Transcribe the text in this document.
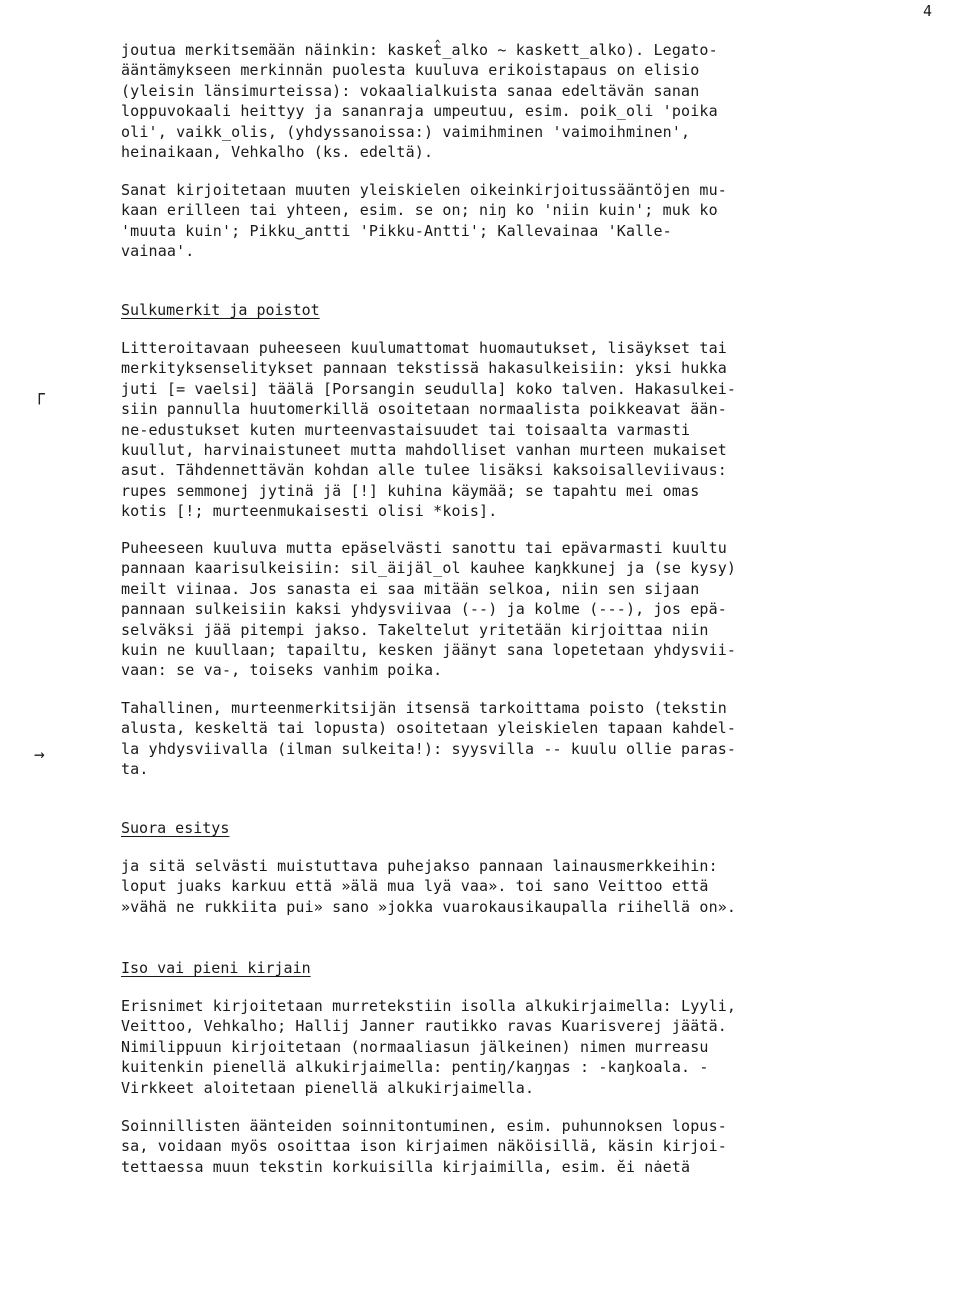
4
┌
→

joutua merkitsemään näinkin: kasket̂_alko ~ kaskett_alko). Legato-

ääntämykseen merkinnän puolesta kuuluva erikoistapaus on elisio

(yleisin länsimurteissa): vokaalialkuista sanaa edeltävän sanan

loppuvokaali heittyy ja sananraja umpeutuu, esim. poik_oli 'poika

oli', vaikk_olis, (yhdyssanoissa:) vaimihminen 'vaimoihminen',

heinaikaan, Vehkalho (ks. edeltä).

Sanat kirjoitetaan muuten yleiskielen oikeinkirjoitussääntöjen mu-

kaan erilleen tai yhteen, esim. se on; niŋ ko 'niin kuin'; muk ko

'muuta kuin'; Pikku‿antti 'Pikku-Antti'; Kallevainaa 'Kalle-

vainaa'.

Sulkumerkit ja poistot

Litteroitavaan puheeseen kuulumattomat huomautukset, lisäykset tai

merkityksenselitykset pannaan tekstissä hakasulkeisiin: yksi hukka

juti [= vaelsi] täälä [Porsangin seudulla] koko talven. Hakasulkei-

siin pannulla huutomerkillä osoitetaan normaalista poikkeavat ään-

ne-edustukset kuten murteenvastaisuudet tai toisaalta varmasti

kuullut, harvinaistuneet mutta mahdolliset vanhan murteen mukaiset

asut. Tähdennettävän kohdan alle tulee lisäksi kaksoisalleviivaus:

rupes semmonej jytinä jä [!] kuhina käymää; se tapahtu mei omas

kotis [!; murteenmukaisesti olisi *kois].

Puheeseen kuuluva mutta epäselvästi sanottu tai epävarmasti kuultu

pannaan kaarisulkeisiin: sil_äijäl_ol kauhee kaŋkkunej ja (se kysy)

meilt viinaa. Jos sanasta ei saa mitään selkoa, niin sen sijaan

pannaan sulkeisiin kaksi yhdysviivaa (--) ja kolme (---), jos epä-

selväksi jää pitempi jakso. Takeltelut yritetään kirjoittaa niin

kuin ne kuullaan; tapailtu, kesken jäänyt sana lopetetaan yhdysvii-

vaan: se va-, toiseks vanhim poika.

Tahallinen, murteenmerkitsijän itsensä tarkoittama poisto (tekstin

alusta, keskeltä tai lopusta) osoitetaan yleiskielen tapaan kahdel-

la yhdysviivalla (ilman sulkeita!): syysvilla -- kuulu ollie paras-

ta.

Suora esitys

ja sitä selvästi muistuttava puhejakso pannaan lainausmerkkeihin:

loput juaks karkuu että »älä mua lyä vaa». toi sano Veittoo että

»vähä ne rukkiita pui» sano »jokka vuarokausikaupalla riihellä on».

Iso vai pieni kirjain

Erisnimet kirjoitetaan murretekstiin isolla alkukirjaimella: Lyyli,

Veittoo, Vehkalho; Hallij Janner rautikko ravas Kuarisverej jäätä.

Nimilippuun kirjoitetaan (normaaliasun jälkeinen) nimen murreasu

kuitenkin pienellä alkukirjaimella: pentiŋ/kaŋŋas : -kaŋkoala. -

Virkkeet aloitetaan pienellä alkukirjaimella.

Soinnillisten äänteiden soinnitontuminen, esim. puhunnoksen lopus-

sa, voidaan myös osoittaa ison kirjaimen näköisillä, käsin kirjoi-

tettaessa muun tekstin korkuisilla kirjaimilla, esim. ĕi nȧetä
